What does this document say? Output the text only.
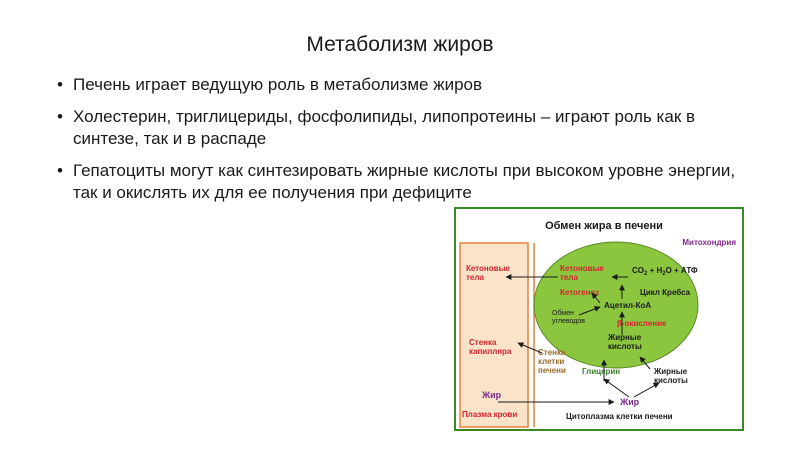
Метаболизм жиров
• Печень играет ведущую роль в метаболизме жиров
• Холестерин, триглицериды, фосфолипиды, липопротеины – играют роль как в синтезе, так и в распаде
• Гепатоциты могут как синтезировать жирные кислоты при высоком уровне энергии, так и окислять их для ее получения при дефиците
Обмен жира в печени
Митохондрия
Кетоновые тела
Стенка капилляра
Жир
Плазма крови
Стенка клетки печени
Кетоновые тела
Кетогенез
$CO_2 + H_2O$ + АТФ
Цикл Кребса
Ацетил-КоА
Обмен углеводов	β-окисление
Жирные кислоты
Глицерин	Жирные кислоты
Жир
Цитоплазма клетки печени
